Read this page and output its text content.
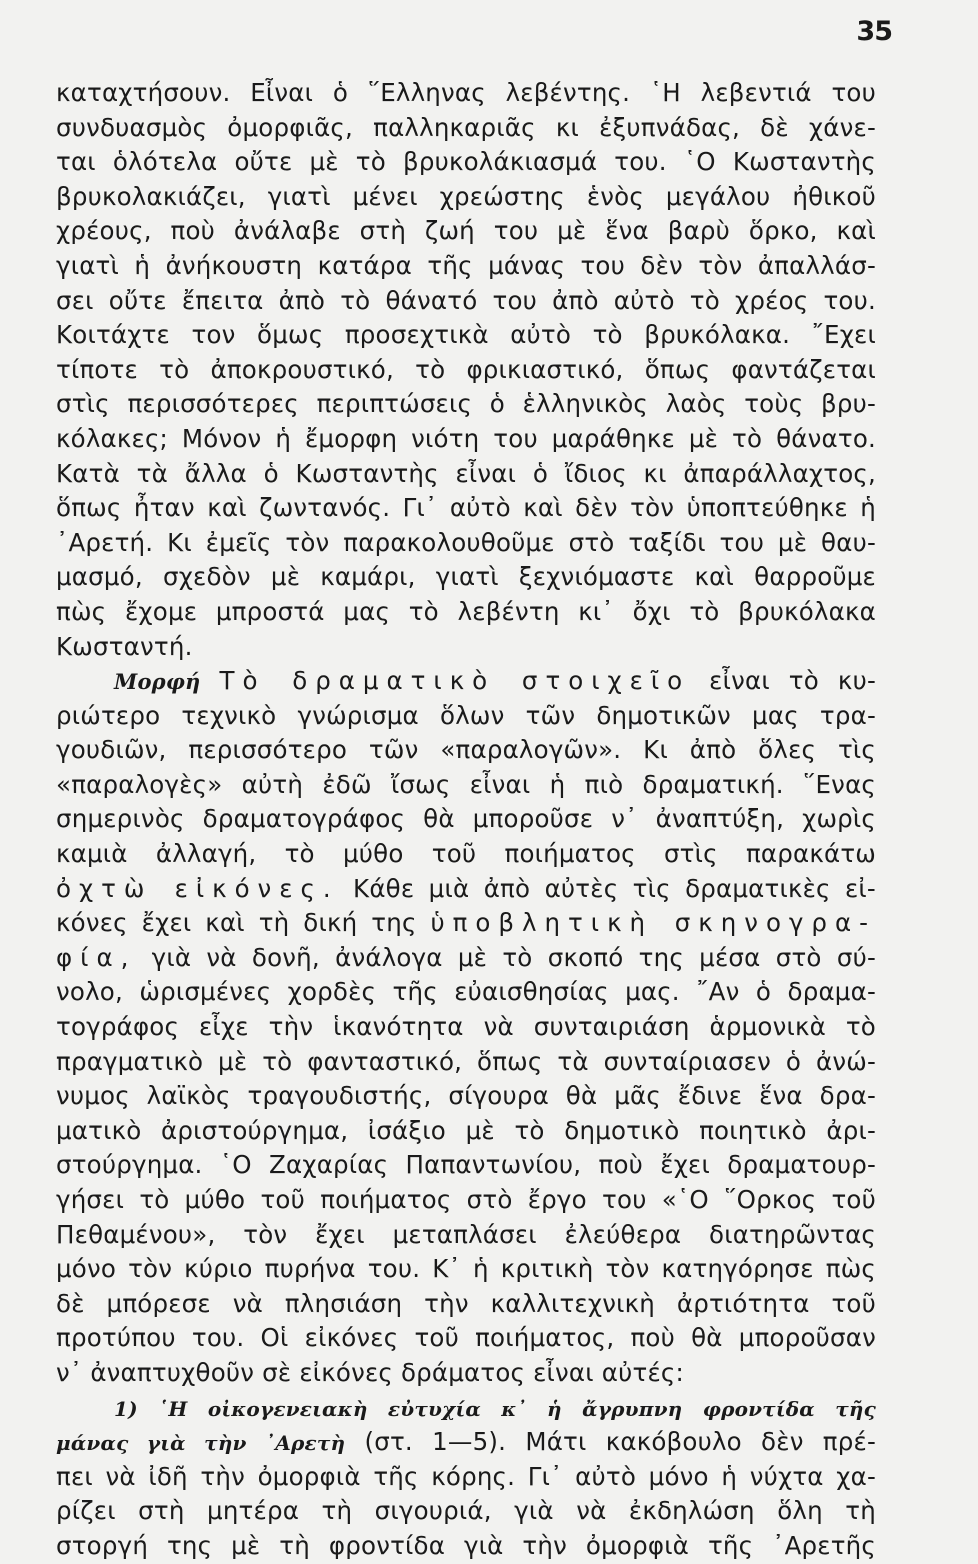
35
καταχτήσουν. Εἶναι ὁ ῞Ελληνας λεβέντης. ῾Η λεβεντιά του
συνδυασμὸς ὀμορφιᾶς, παλληκαριᾶς κι ἐξυπνάδας, δὲ χάνε-
ται ὁλότελα οὔτε μὲ τὸ βρυκολάκιασμά του. ῾Ο Κωσταντὴς
βρυκολακιάζει, γιατὶ μένει χρεώστης ἑνὸς μεγάλου ἠθικοῦ
χρέους, ποὺ ἀνάλαβε στὴ ζωή του μὲ ἕνα βαρὺ ὅρκο, καὶ
γιατὶ ἡ ἀνήκουστη κατάρα τῆς μάνας του δὲν τὸν ἀπαλλάσ-
σει οὔτε ἔπειτα ἀπὸ τὸ θάνατό του ἀπὸ αὐτὸ τὸ χρέος του.
Κοιτάχτε τον ὅμως προσεχτικὰ αὐτὸ τὸ βρυκόλακα. ῎Εχει
τίποτε τὸ ἀποκρουστικό, τὸ φρικιαστικό, ὅπως φαντάζεται
στὶς περισσότερες περιπτώσεις ὁ ἑλληνικὸς λαὸς τοὺς βρυ-
κόλακες; Μόνον ἡ ἔμορφη νιότη του μαράθηκε μὲ τὸ θάνατο.
Κατὰ τὰ ἄλλα ὁ Κωσταντὴς εἶναι ὁ ἴδιος κι ἀπαράλλαχτος,
ὅπως ἦταν καὶ ζωντανός. Γι᾿ αὐτὸ καὶ δὲν τὸν ὑποπτεύθηκε ἡ
᾿Αρετή. Κι ἐμεῖς τὸν παρακολουθοῦμε στὸ ταξίδι του μὲ θαυ-
μασμό, σχεδὸν μὲ καμάρι, γιατὶ ξεχνιόμαστε καὶ θαρροῦμε
πὼς ἔχομε μπροστά μας τὸ λεβέντη κι᾿ ὄχι τὸ βρυκόλακα
Κωσταντή.
Μορφή Τὸ δραματικὸ στοιχεῖο εἶναι τὸ κυ-
ριώτερο τεχνικὸ γνώρισμα ὅλων τῶν δημοτικῶν μας τρα-
γουδιῶν, περισσότερο τῶν «παραλογῶν». Κι ἀπὸ ὅλες τὶς
«παραλογὲς» αὐτὴ ἐδῶ ἴσως εἶναι ἡ πιὸ δραματική. ῞Ενας
σημερινὸς δραματογράφος θὰ μποροῦσε ν᾿ ἀναπτύξη, χωρὶς
καμιὰ ἀλλαγή, τὸ μύθο τοῦ ποιήματος στὶς παρακάτω
ὀχτὼ εἰκόνες. Κάθε μιὰ ἀπὸ αὐτὲς τὶς δραματικὲς εἰ-
κόνες ἔχει καὶ τὴ δική της ὑποβλητικὴ σκηνογρα-
φία, γιὰ νὰ δονῆ, ἀνάλογα μὲ τὸ σκοπό της μέσα στὸ σύ-
νολο, ὡρισμένες χορδὲς τῆς εὐαισθησίας μας. ῎Αν ὁ δραμα-
τογράφος εἶχε τὴν ἱκανότητα νὰ συνταιριάση ἁρμονικὰ τὸ
πραγματικὸ μὲ τὸ φανταστικό, ὅπως τὰ συνταίριασεν ὁ ἀνώ-
νυμος λαϊκὸς τραγουδιστής, σίγουρα θὰ μᾶς ἔδινε ἕνα δρα-
ματικὸ ἀριστούργημα, ἰσάξιο μὲ τὸ δημοτικὸ ποιητικὸ ἀρι-
στούργημα. ῾Ο Ζαχαρίας Παπαντωνίου, ποὺ ἔχει δραματουρ-
γήσει τὸ μύθο τοῦ ποιήματος στὸ ἔργο του «῾Ο ῞Ορκος τοῦ
Πεθαμένου», τὸν ἔχει μεταπλάσει ἐλεύθερα διατηρῶντας
μόνο τὸν κύριο πυρήνα του. Κ᾿ ἡ κριτικὴ τὸν κατηγόρησε πὼς
δὲ μπόρεσε νὰ πλησιάση τὴν καλλιτεχνικὴ ἀρτιότητα τοῦ
προτύπου του. Οἱ εἰκόνες τοῦ ποιήματος, ποὺ θὰ μποροῦσαν
ν᾿ ἀναπτυχθοῦν σὲ εἰκόνες δράματος εἶναι αὐτές:
1) ῾Η οἰκογενειακὴ εὐτυχία κ᾿ ἡ ἄγρυπνη φροντίδα τῆς
μάνας γιὰ τὴν ᾿Αρετὴ (στ. 1—5). Μάτι κακόβουλο δὲν πρέ-
πει νὰ ἰδῆ τὴν ὀμορφιὰ τῆς κόρης. Γι᾿ αὐτὸ μόνο ἡ νύχτα χα-
ρίζει στὴ μητέρα τὴ σιγουριά, γιὰ νὰ ἐκδηλώση ὅλη τὴ
στοργή της μὲ τὴ φροντίδα γιὰ τὴν ὀμορφιὰ τῆς ᾿Αρετῆς
